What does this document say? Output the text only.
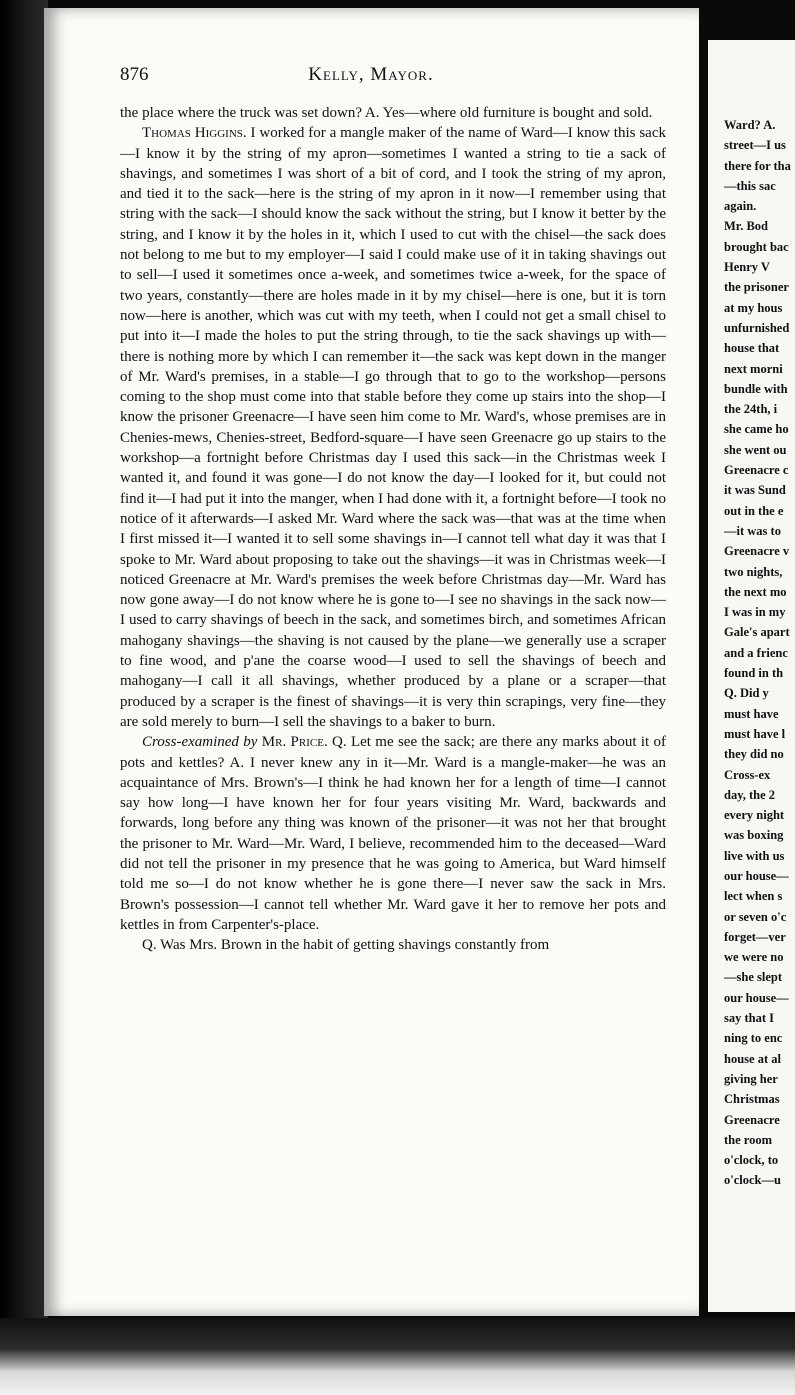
876	Kelly, Mayor.

the place where the truck was set down? A. Yes—where old furniture is bought and sold.

Thomas Higgins. I worked for a mangle maker of the name of Ward—I know this sack—I know it by the string of my apron—sometimes I wanted a string to tie a sack of shavings, and sometimes I was short of a bit of cord, and I took the string of my apron, and tied it to the sack—here is the string of my apron in it now—I remember using that string with the sack—I should know the sack without the string, but I know it better by the string, and I know it by the holes in it, which I used to cut with the chisel—the sack does not belong to me but to my employer—I said I could make use of it in taking shavings out to sell—I used it sometimes once a-week, and sometimes twice a-week, for the space of two years, constantly—there are holes made in it by my chisel—here is one, but it is torn now—here is another, which was cut with my teeth, when I could not get a small chisel to put into it—I made the holes to put the string through, to tie the sack shavings up with—there is nothing more by which I can remember it—the sack was kept down in the manger of Mr. Ward's premises, in a stable—I go through that to go to the workshop—persons coming to the shop must come into that stable before they come up stairs into the shop—I know the prisoner Greenacre—I have seen him come to Mr. Ward's, whose premises are in Chenies-mews, Chenies-street, Bedford-square—I have seen Greenacre go up stairs to the workshop—a fortnight before Christmas day I used this sack—in the Christmas week I wanted it, and found it was gone—I do not know the day—I looked for it, but could not find it—I had put it into the manger, when I had done with it, a fortnight before—I took no notice of it afterwards—I asked Mr. Ward where the sack was—that was at the time when I first missed it—I wanted it to sell some shavings in—I cannot tell what day it was that I spoke to Mr. Ward about proposing to take out the shavings—it was in Christmas week—I noticed Greenacre at Mr. Ward's premises the week before Christmas day—Mr. Ward has now gone away—I do not know where he is gone to—I see no shavings in the sack now—I used to carry shavings of beech in the sack, and sometimes birch, and sometimes African mahogany shavings—the shaving is not caused by the plane—we generally use a scraper to fine wood, and p'ane the coarse wood—I used to sell the shavings of beech and mahogany—I call it all shavings, whether produced by a plane or a scraper—that produced by a scraper is the finest of shavings—it is very thin scrapings, very fine—they are sold merely to burn—I sell the shavings to a baker to burn.

Cross-examined by Mr. Price. Q. Let me see the sack; are there any marks about it of pots and kettles? A. I never knew any in it—Mr. Ward is a mangle-maker—he was an acquaintance of Mrs. Brown's—I think he had known her for a length of time—I cannot say how long—I have known her for four years visiting Mr. Ward, backwards and forwards, long before any thing was known of the prisoner—it was not her that brought the prisoner to Mr. Ward—Mr. Ward, I believe, recommended him to the deceased—Ward did not tell the prisoner in my presence that he was going to America, but Ward himself told me so—I do not know whether he is gone there—I never saw the sack in Mrs. Brown's possession—I cannot tell whether Mr. Ward gave it her to remove her pots and kettles in from Carpenter's-place.

Q. Was Mrs. Brown in the habit of getting shavings constantly from

Ward? A.
street—I us
there for tha
—this sac
again.
Mr. Bod
brought bac
Henry V
the prisoner
at my hous
unfurnished
house that
next morni
bundle with
the 24th, i
she came ho
she went ou
Greenacre c
it was Sund
out in the e
—it was to
Greenacre v
two nights,
the next mo
I was in my
Gale's apart
and a frienc
found in th
Q. Did y
must have
must have l
they did no
Cross-ex
day, the 2
every night
was boxing
live with us
our house—
lect when s
or seven o'c
forget—ver
we were no
—she slept
our house—
say that I
ning to enc
house at al
giving her
Christmas
Greenacre
the room
o'clock, to
o'clock—u
